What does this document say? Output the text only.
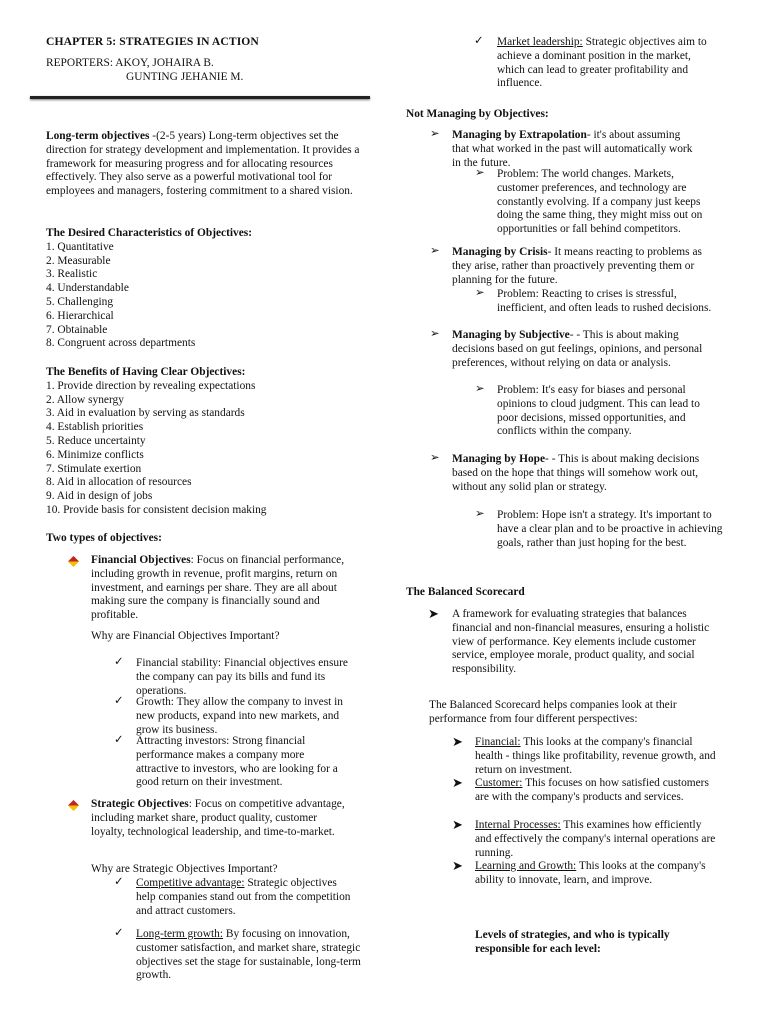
CHAPTER 5: STRATEGIES IN ACTION
REPORTERS: AKOY, JOHAIRA B.
GUNTING JEHANIE M.
Long-term objectives -(2-5 years) Long-term objectives set the direction for strategy development and implementation. It provides a framework for measuring progress and for allocating resources effectively. They also serve as a powerful motivational tool for employees and managers, fostering commitment to a shared vision.
The Desired Characteristics of Objectives:
1. Quantitative
2. Measurable
3. Realistic
4. Understandable
5. Challenging
6. Hierarchical
7. Obtainable
8. Congruent across departments
The Benefits of Having Clear Objectives:
1. Provide direction by revealing expectations
2. Allow synergy
3. Aid in evaluation by serving as standards
4. Establish priorities
5. Reduce uncertainty
6. Minimize conflicts
7. Stimulate exertion
8. Aid in allocation of resources
9. Aid in design of jobs
10. Provide basis for consistent decision making
Two types of objectives:
Financial Objectives: Focus on financial performance, including growth in revenue, profit margins, return on investment, and earnings per share. They are all about making sure the company is financially sound and profitable.
Why are Financial Objectives Important?
✓ Financial stability: Financial objectives ensure the company can pay its bills and fund its operations.
✓ Growth: They allow the company to invest in new products, expand into new markets, and grow its business.
✓ Attracting investors: Strong financial performance makes a company more attractive to investors, who are looking for a good return on their investment.
Strategic Objectives: Focus on competitive advantage, including market share, product quality, customer loyalty, technological leadership, and time-to-market.
Why are Strategic Objectives Important?
✓ Competitive advantage: Strategic objectives help companies stand out from the competition and attract customers.
✓ Long-term growth: By focusing on innovation, customer satisfaction, and market share, strategic objectives set the stage for sustainable, long-term growth.
✓ Market leadership: Strategic objectives aim to achieve a dominant position in the market, which can lead to greater profitability and influence.
Not Managing by Objectives:
➢ Managing by Extrapolation- it's about assuming that what worked in the past will automatically work in the future.
➢ Problem: The world changes. Markets, customer preferences, and technology are constantly evolving. If a company just keeps doing the same thing, they might miss out on opportunities or fall behind competitors.
➢ Managing by Crisis- It means reacting to problems as they arise, rather than proactively preventing them or planning for the future.
➢ Problem: Reacting to crises is stressful, inefficient, and often leads to rushed decisions.
➢ Managing by Subjective- - This is about making decisions based on gut feelings, opinions, and personal preferences, without relying on data or analysis.
➢ Problem: It's easy for biases and personal opinions to cloud judgment. This can lead to poor decisions, missed opportunities, and conflicts within the company.
➢ Managing by Hope- - This is about making decisions based on the hope that things will somehow work out, without any solid plan or strategy.
➢ Problem: Hope isn't a strategy. It's important to have a clear plan and to be proactive in achieving goals, rather than just hoping for the best.
The Balanced Scorecard
➤ A framework for evaluating strategies that balances financial and non-financial measures, ensuring a holistic view of performance. Key elements include customer service, employee morale, product quality, and social responsibility.
The Balanced Scorecard helps companies look at their performance from four different perspectives:
➤ Financial: This looks at the company's financial health - things like profitability, revenue growth, and return on investment.
➤ Customer: This focuses on how satisfied customers are with the company's products and services.
➤ Internal Processes: This examines how efficiently and effectively the company's internal operations are running.
➤ Learning and Growth: This looks at the company's ability to innovate, learn, and improve.
Levels of strategies, and who is typically responsible for each level:
